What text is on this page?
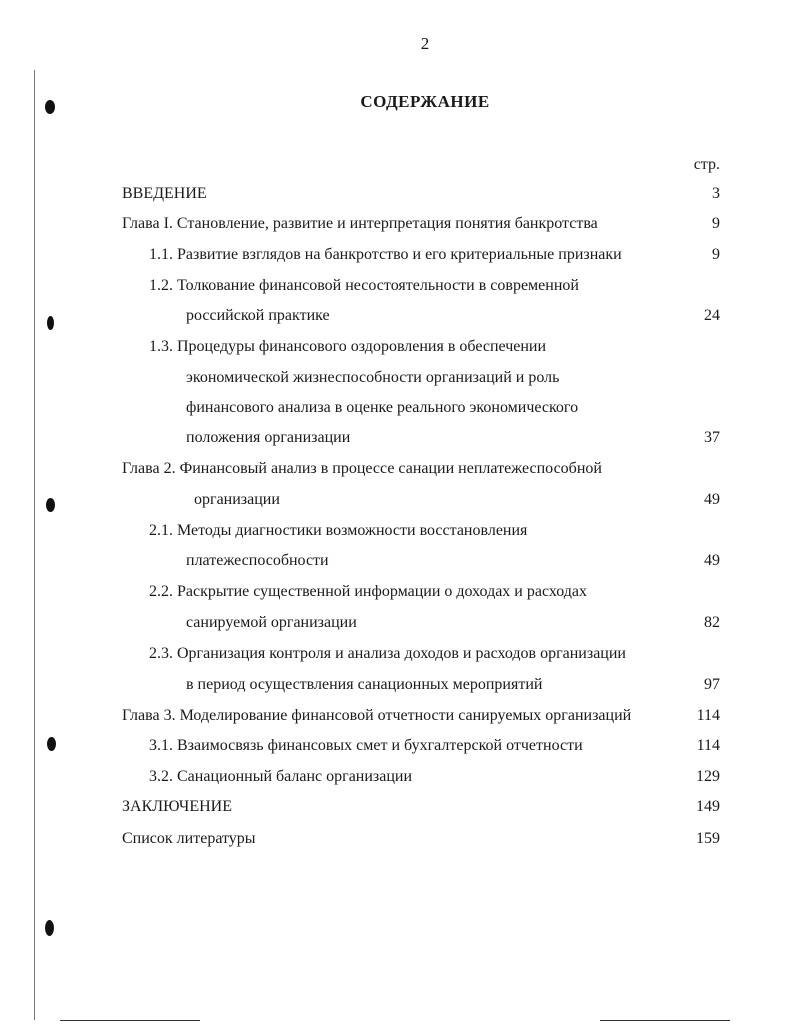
2
СОДЕРЖАНИЕ
стр.
ВВЕДЕНИЕ	3
Глава I. Становление, развитие и интерпретация понятия банкротства	9
1.1. Развитие взглядов на банкротство и его критериальные признаки	9
1.2. Толкование финансовой несостоятельности в современной
российской практике	24
1.3. Процедуры финансового оздоровления в обеспечении
экономической жизнеспособности организаций и роль
финансового анализа в оценке реального экономического
положения организации	37
Глава 2. Финансовый анализ в процессе санации неплатежеспособной
организации	49
2.1. Методы диагностики возможности восстановления
платежеспособности	49
2.2. Раскрытие существенной информации о доходах и расходах
санируемой организации	82
2.3. Организация контроля и анализа доходов и расходов организации
в период осуществления санационных мероприятий	97
Глава 3. Моделирование финансовой отчетности санируемых организаций	114
3.1. Взаимосвязь финансовых смет и бухгалтерской отчетности	114
3.2. Санационный баланс организации	129
ЗАКЛЮЧЕНИЕ	149
Список литературы	159
